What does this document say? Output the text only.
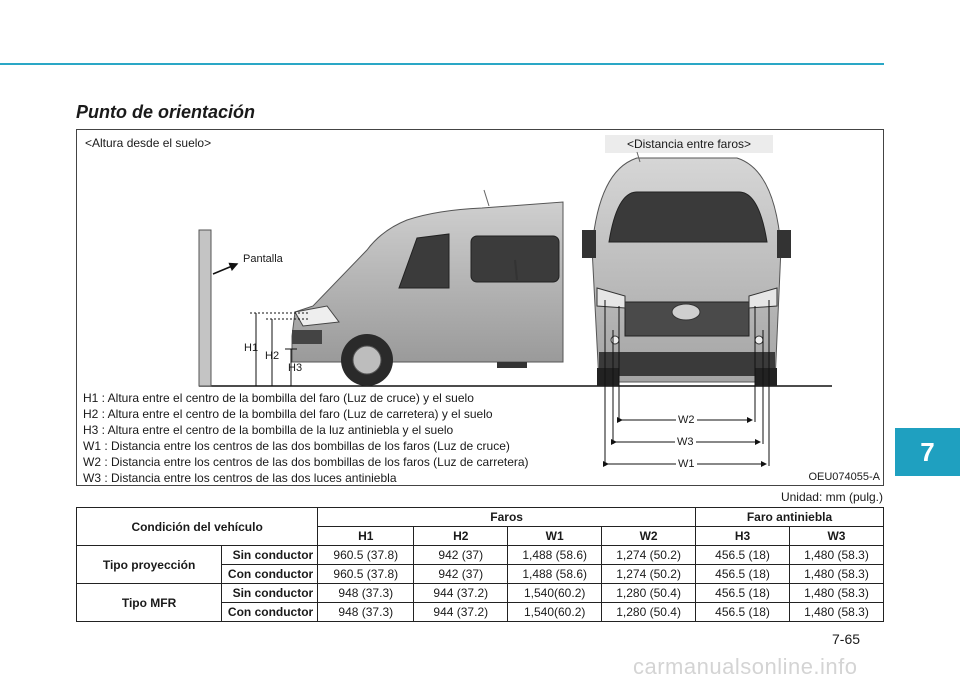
7
Punto de orientación
<Altura desde el suelo>	<Distancia entre faros>
Pantalla
H1
H2
H3
W2
W3
W1
H1 : Altura entre el centro de la bombilla del faro (Luz de cruce) y el suelo
H2 : Altura entre el centro de la bombilla del faro (Luz de carretera) y el suelo
H3 : Altura entre el centro de la bombilla de la luz antiniebla y el suelo
W1 : Distancia entre los centros de las dos bombillas de los faros (Luz de cruce)
W2 : Distancia entre los centros de las dos bombillas de los faros (Luz de carretera)
W3 : Distancia entre los centros de las dos luces antiniebla	OEU074055-A
Unidad: mm (pulg.)
Condición del vehículo		Faros				Faro antiniebla	
		H1	H2	W1	W2	H3	W3
Tipo proyección	Sin conductor	960.5 (37.8)	942 (37)	1,488 (58.6)	1,274 (50.2)	456.5 (18)	1,480 (58.3)
	Con conductor	960.5 (37.8)	942 (37)	1,488 (58.6)	1,274 (50.2)	456.5 (18)	1,480 (58.3)
Tipo MFR	Sin conductor	948 (37.3)	944 (37.2)	1,540(60.2)	1,280 (50.4)	456.5 (18)	1,480 (58.3)
	Con conductor	948 (37.3)	944 (37.2)	1,540(60.2)	1,280 (50.4)	456.5 (18)	1,480 (58.3)
7-65
carmanualsonline.info
